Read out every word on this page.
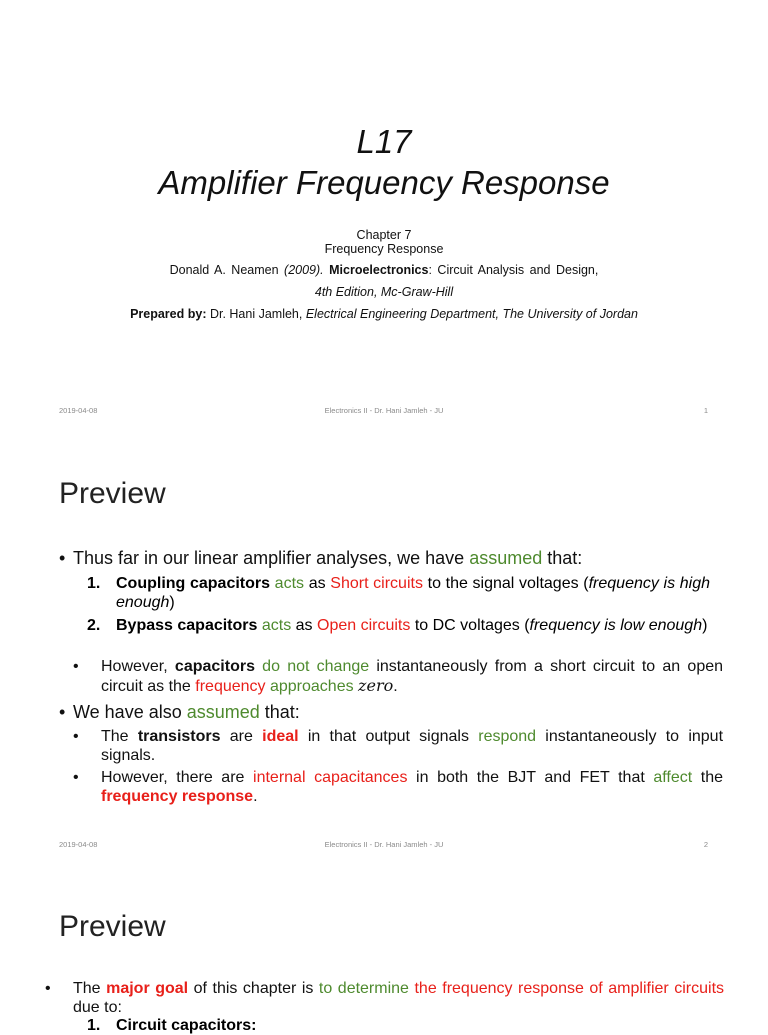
L17
Amplifier Frequency Response
Chapter 7
Frequency Response
Donald A. Neamen (2009). Microelectronics: Circuit Analysis and Design,
4th Edition, Mc-Graw-Hill
Prepared by: Dr. Hani Jamleh, Electrical Engineering Department, The University of Jordan
2019-04-08	Electronics II - Dr. Hani Jamleh - JU	1
Preview
• Thus far in our linear amplifier analyses, we have assumed that:
1. Coupling capacitors acts as Short circuits to the signal voltages (frequency is high enough)
2. Bypass capacitors acts as Open circuits to DC voltages (frequency is low enough)
• However, capacitors do not change instantaneously from a short circuit to an open circuit as the frequency approaches zero.
• We have also assumed that:
• The transistors are ideal in that output signals respond instantaneously to input signals.
• However, there are internal capacitances in both the BJT and FET that affect the frequency response.
2019-04-08	Electronics II - Dr. Hani Jamleh - JU	2
Preview
• The major goal of this chapter is to determine the frequency response of amplifier circuits due to:
1. Circuit capacitors:
